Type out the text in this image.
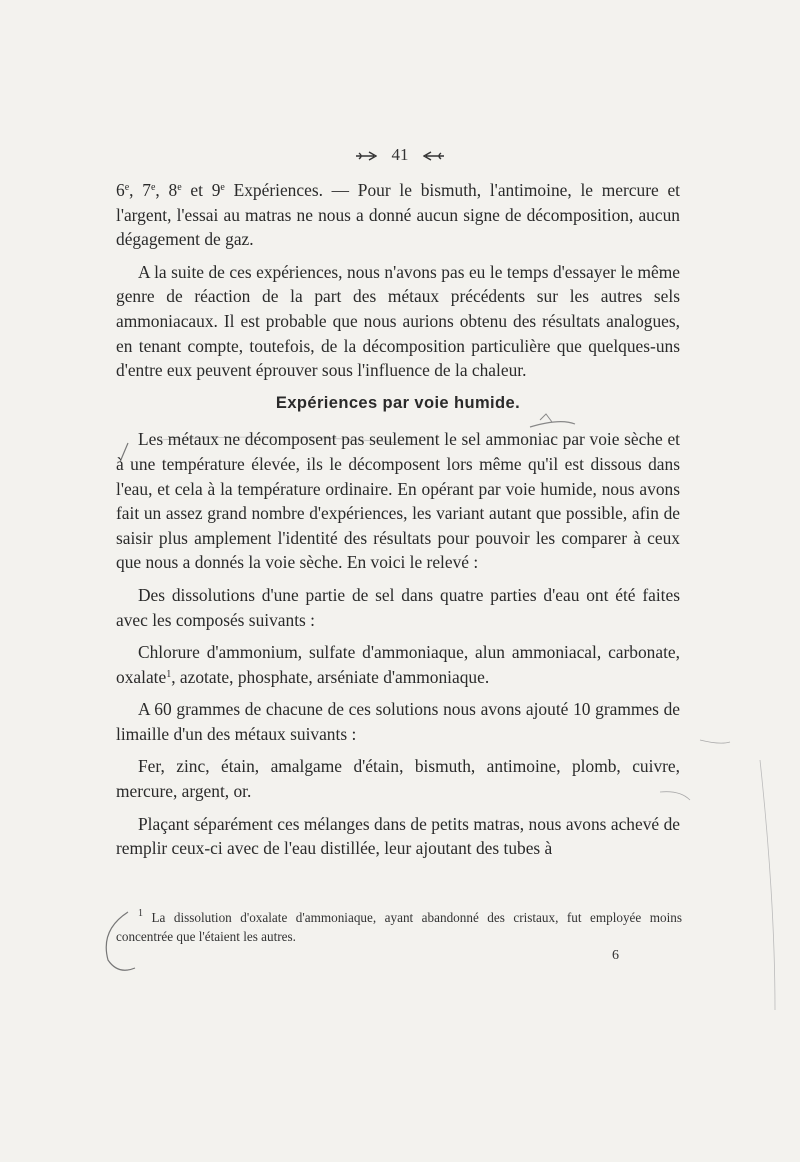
41

6e, 7e, 8e et 9e Expériences. — Pour le bismuth, l'antimoine, le mercure et l'argent, l'essai au matras ne nous a donné aucun signe de décomposition, aucun dégagement de gaz.

A la suite de ces expériences, nous n'avons pas eu le temps d'essayer le même genre de réaction de la part des métaux précédents sur les autres sels ammoniacaux. Il est probable que nous aurions obtenu des résultats analogues, en tenant compte, toutefois, de la décomposition particulière que quelques-uns d'entre eux peuvent éprouver sous l'influence de la chaleur.

Expériences par voie humide.

Les métaux ne décomposent pas seulement le sel ammoniac par voie sèche et à une température élevée, ils le décomposent lors même qu'il est dissous dans l'eau, et cela à la température ordinaire. En opérant par voie humide, nous avons fait un assez grand nombre d'expériences, les variant autant que possible, afin de saisir plus amplement l'identité des résultats pour pouvoir les comparer à ceux que nous a donnés la voie sèche. En voici le relevé :

Des dissolutions d'une partie de sel dans quatre parties d'eau ont été faites avec les composés suivants :

Chlorure d'ammonium, sulfate d'ammoniaque, alun ammoniacal, carbonate, oxalate$^1$, azotate, phosphate, arséniate d'ammoniaque.

A 60 grammes de chacune de ces solutions nous avons ajouté 10 grammes de limaille d'un des métaux suivants :

Fer, zinc, étain, amalgame d'étain, bismuth, antimoine, plomb, cuivre, mercure, argent, or.

Plaçant séparément ces mélanges dans de petits matras, nous avons achevé de remplir ceux-ci avec de l'eau distillée, leur ajoutant des tubes à

$^1$ La dissolution d'oxalate d'ammoniaque, ayant abandonné des cristaux, fut employée moins concentrée que l'étaient les autres.

6
